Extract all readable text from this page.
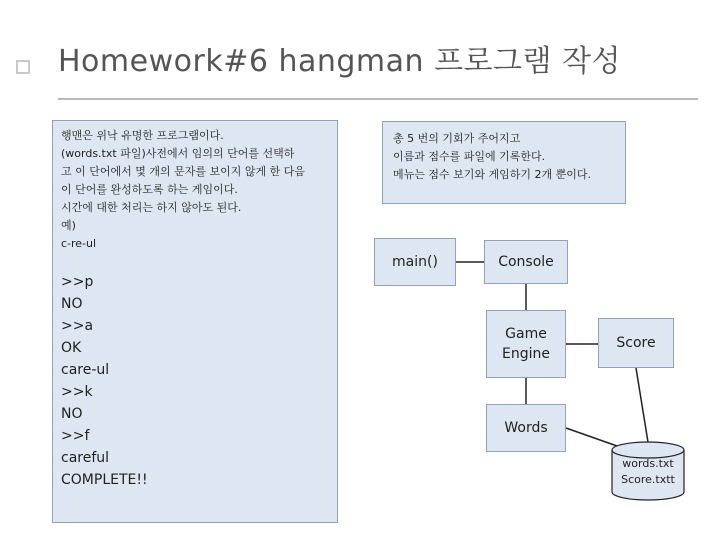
Homework#6 hangman 프로그램 작성
행맨은 위낙 유명한 프로그램이다.
(words.txt 파일)사전에서 임의의 단어를 선택하
고 이 단어에서 몇 개의 문자를 보이지 않게 한 다음
이 단어를 완성하도록 하는 게임이다.
시간에 대한 처리는 하지 않아도 된다.
예)
c-re-ul
>>p
NO
>>a
OK
care-ul
>>k
NO
>>f
careful
COMPLETE!!
총 5 번의 기회가 주어지고
이름과 점수를 파일에 기록한다.
메뉴는 점수 보기와 게임하기 2개 뿐이다.
main()	Console
Game
Engine
Score
Words
words.txt
Score.txtt
